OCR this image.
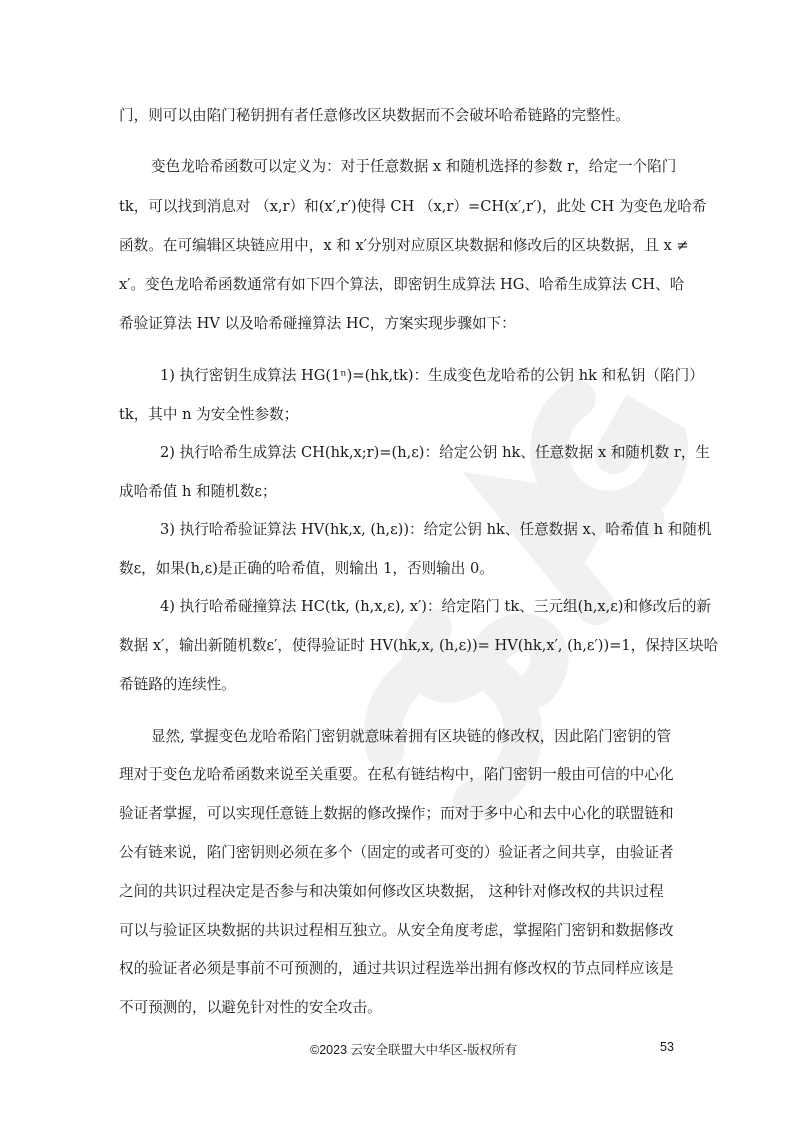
门，则可以由陷门秘钥拥有者任意修改区块数据而不会破坏哈希链路的完整性。
变色龙哈希函数可以定义为：对于任意数据 x 和随机选择的参数 r，给定一个陷门
tk，可以找到消息对 （x,r）和(x′,r′)使得 CH （x,r）=CH(x′,r′)，此处 CH 为变色龙哈希
函数。在可编辑区块链应用中，x 和 x′分别对应原区块数据和修改后的区块数据，且 x ≠
x′。变色龙哈希函数通常有如下四个算法，即密钥生成算法 HG、哈希生成算法 CH、哈
希验证算法 HV 以及哈希碰撞算法 HC，方案实现步骤如下：
1) 执行密钥生成算法 HG(1ⁿ)=(hk,tk)：生成变色龙哈希的公钥 hk 和私钥（陷门）
tk，其中 n 为安全性参数；
2) 执行哈希生成算法 CH(hk,x;r)=(h,ε)：给定公钥 hk、任意数据 x 和随机数 r，生
成哈希值 h 和随机数ε；
3) 执行哈希验证算法 HV(hk,x, (h,ε))：给定公钥 hk、任意数据 x、哈希值 h 和随机
数ε，如果(h,ε)是正确的哈希值，则输出 1，否则输出 0。
4) 执行哈希碰撞算法 HC(tk, (h,x,ε), x′)：给定陷门 tk、三元组(h,x,ε)和修改后的新
数据 x′，输出新随机数ε′，使得验证时 HV(hk,x, (h,ε))= HV(hk,x′, (h,ε′))=1，保持区块哈
希链路的连续性。
显然, 掌握变色龙哈希陷门密钥就意味着拥有区块链的修改权，因此陷门密钥的管
理对于变色龙哈希函数来说至关重要。在私有链结构中，陷门密钥一般由可信的中心化
验证者掌握，可以实现任意链上数据的修改操作；而对于多中心和去中心化的联盟链和
公有链来说，陷门密钥则必须在多个（固定的或者可变的）验证者之间共享，由验证者
之间的共识过程决定是否参与和决策如何修改区块数据， 这种针对修改权的共识过程
可以与验证区块数据的共识过程相互独立。从安全角度考虑，掌握陷门密钥和数据修改
权的验证者必须是事前不可预测的，通过共识过程选举出拥有修改权的节点同样应该是
不可预测的，以避免针对性的安全攻击。
©2023 云安全联盟大中华区-版权所有	53
